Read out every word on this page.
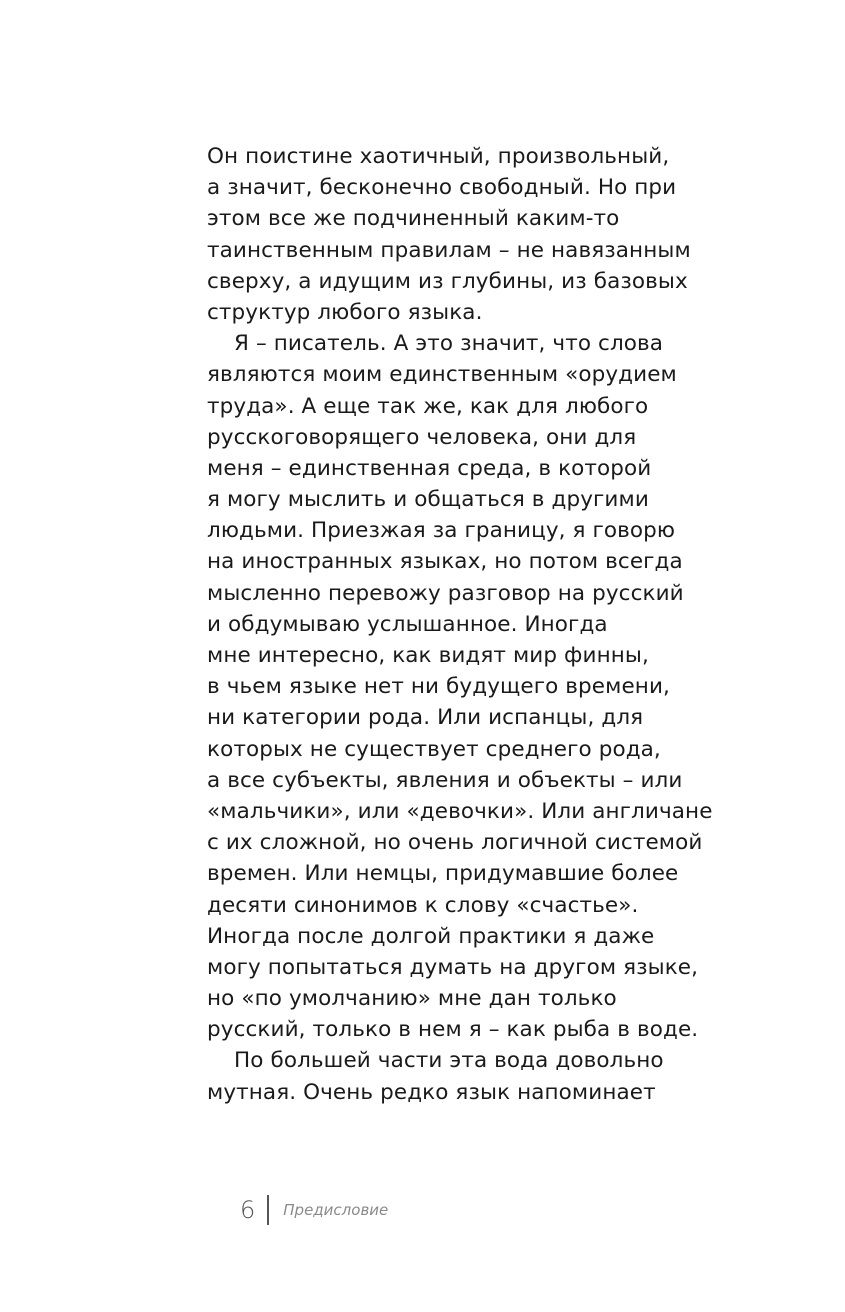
Он поистине хаотичный, произвольный,
а значит, бесконечно свободный. Но при
этом все же подчиненный каким-то
таинственным правилам – не навязанным
сверху, а идущим из глубины, из базовых
структур любого языка.
Я – писатель. А это значит, что слова
являются моим единственным «орудием
труда». А еще так же, как для любого
русскоговорящего человека, они для
меня – единственная среда, в которой
я могу мыслить и общаться в другими
людьми. Приезжая за границу, я говорю
на иностранных языках, но потом всегда
мысленно перевожу разговор на русский
и обдумываю услышанное. Иногда
мне интересно, как видят мир финны,
в чьем языке нет ни будущего времени,
ни категории рода. Или испанцы, для
которых не существует среднего рода,
а все субъекты, явления и объекты – или
«мальчики», или «девочки». Или англичане
с их сложной, но очень логичной системой
времен. Или немцы, придумавшие более
десяти синонимов к слову «счастье».
Иногда после долгой практики я даже
могу попытаться думать на другом языке,
но «по умолчанию» мне дан только
русский, только в нем я – как рыба в воде.
По большей части эта вода довольно
мутная. Очень редко язык напоминает
6 Предисловие
